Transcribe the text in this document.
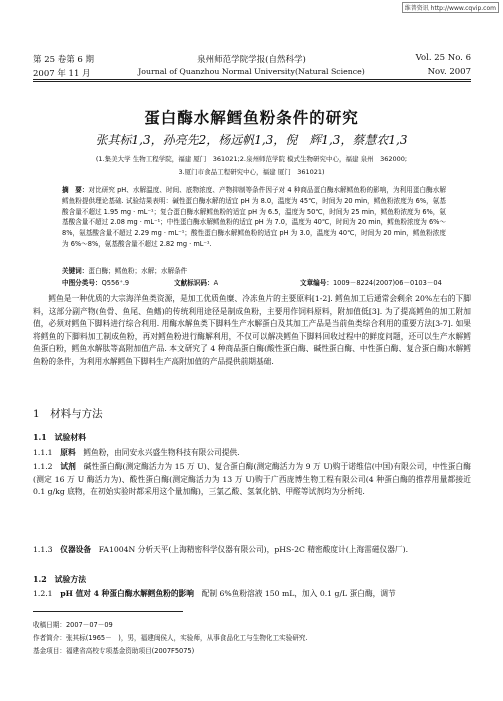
维普资讯 http://www.cqvip.com
第 25 卷第 6 期
2007 年 11 月
泉州师范学院学报(自然科学)
Journal of Quanzhou Normal University(Natural Science)
Vol. 25 No. 6
Nov. 2007
蛋白酶水解鳕鱼粉条件的研究
张其标1,3，孙亮先2，杨远帆1,3，倪　辉1,3，蔡慧农1,3
(1.集美大学 生物工程学院，福建 厦门　361021;2.泉州师范学院 模式生物研究中心，福建 泉州　362000;
3.厦门市食品工程研究中心，福建 厦门　361021)
摘　要：对比研究 pH、水解温度、时间、底物浓度、产物抑制等条件因子对 4 种商品蛋白酶水解鳕鱼粉的影响，为利用蛋白酶水解鳕鱼粉提供理论基础. 试验结果表明：碱性蛋白酶水解的适宜 pH 为 8.0，温度为 45℃，时间为 20 min，鳕鱼粉浓度为 6%，氨基酸含量不超过 1.95 mg · mL⁻¹；复合蛋白酶水解鳕鱼粉的适宜 pH 为 6.5，温度为 50℃，时间为 25 min，鳕鱼粉浓度为 6%，氨基酸含量不超过 2.08 mg · mL⁻¹；中性蛋白酶水解鳕鱼粉的适宜 pH 为 7.0，温度为 40℃，时间为 20 min，鳕鱼粉浓度为 6%～8%，氨基酸含量不超过 2.29 mg · mL⁻¹；酸性蛋白酶水解鳕鱼粉的适宜 pH 为 3.0，温度为 40℃，时间为 20 min，鳕鱼粉浓度为 6%～8%，氨基酸含量不超过 2.82 mg · mL⁻¹.
关键词：蛋白酶；鳕鱼粉；水解；水解条件
中图分类号：Q556⁺.9	文献标识码：A	文章编号：1009－8224(2007)06－0103－04
鳕鱼是一种优质的大宗海洋鱼类资源，是加工优质鱼糜、冷冻鱼片的主要原料[1-2]. 鳕鱼加工后通常会剩余 20%左右的下脚料，这部分副产物(鱼骨、鱼尾、鱼鳍)的传统利用途径是制成鱼粉，主要用作饲料原料，附加值低[3]. 为了提高鳕鱼的加工附加值，必须对鳕鱼下脚料进行综合利用. 用酶水解鱼类下脚料生产水解蛋白及其加工产品是当前鱼类综合利用的重要方法[3-7]. 如果将鳕鱼的下脚料加工制成鱼粉，再对鳕鱼粉进行酶解利用，不仅可以解决鳕鱼下脚料回收过程中的鲜度问题，还可以生产水解鳕鱼蛋白粉，鳕鱼水解肽等高附加值产品. 本文研究了 4 种商品蛋白酶(酸性蛋白酶、碱性蛋白酶、中性蛋白酶、复合蛋白酶)水解鳕鱼粉的条件，为利用水解鳕鱼下脚料生产高附加值的产品提供前期基础.
1　材料与方法
1.1　试验材料
1.1.1　 原料　 鳕鱼粉，由同安永兴盛生物科技有限公司提供.
1.1.2　 试剂　 碱性蛋白酶(测定酶活力为 15 万 U)、复合蛋白酶(测定酶活力为 9 万 U)购于诺维信(中国)有限公司，中性蛋白酶(测定 16 万 U 酶活力为)、酸性蛋白酶(测定酶活力为 13 万 U)购于广西庞博生物工程有限公司(4 种蛋白酶的推荐用量都接近 0.1 g/kg 底物，在初始实验时都采用这个量加酶)，三氯乙酸、氢氧化钠、甲醛等试剂均为分析纯.
1.1.3　 仪器设备　 FA1004N 分析天平(上海精密科学仪器有限公司)，pHS-2C 精密酸度计(上海雷磁仪器厂).
1.2　试验方法
1.2.1　 pH 值对 4 种蛋白酶水解鳕鱼粉的影响　 配制 6%鱼粉溶液 150 mL，加入 0.1 g/L 蛋白酶，调节
收稿日期：2007－07－09
作者简介：张其标(1965－　)，男，福建闽侯人，实验师，从事食品化工与生物化工实验研究.
基金项目：福建省高校专项基金资助项目(2007F5075)
